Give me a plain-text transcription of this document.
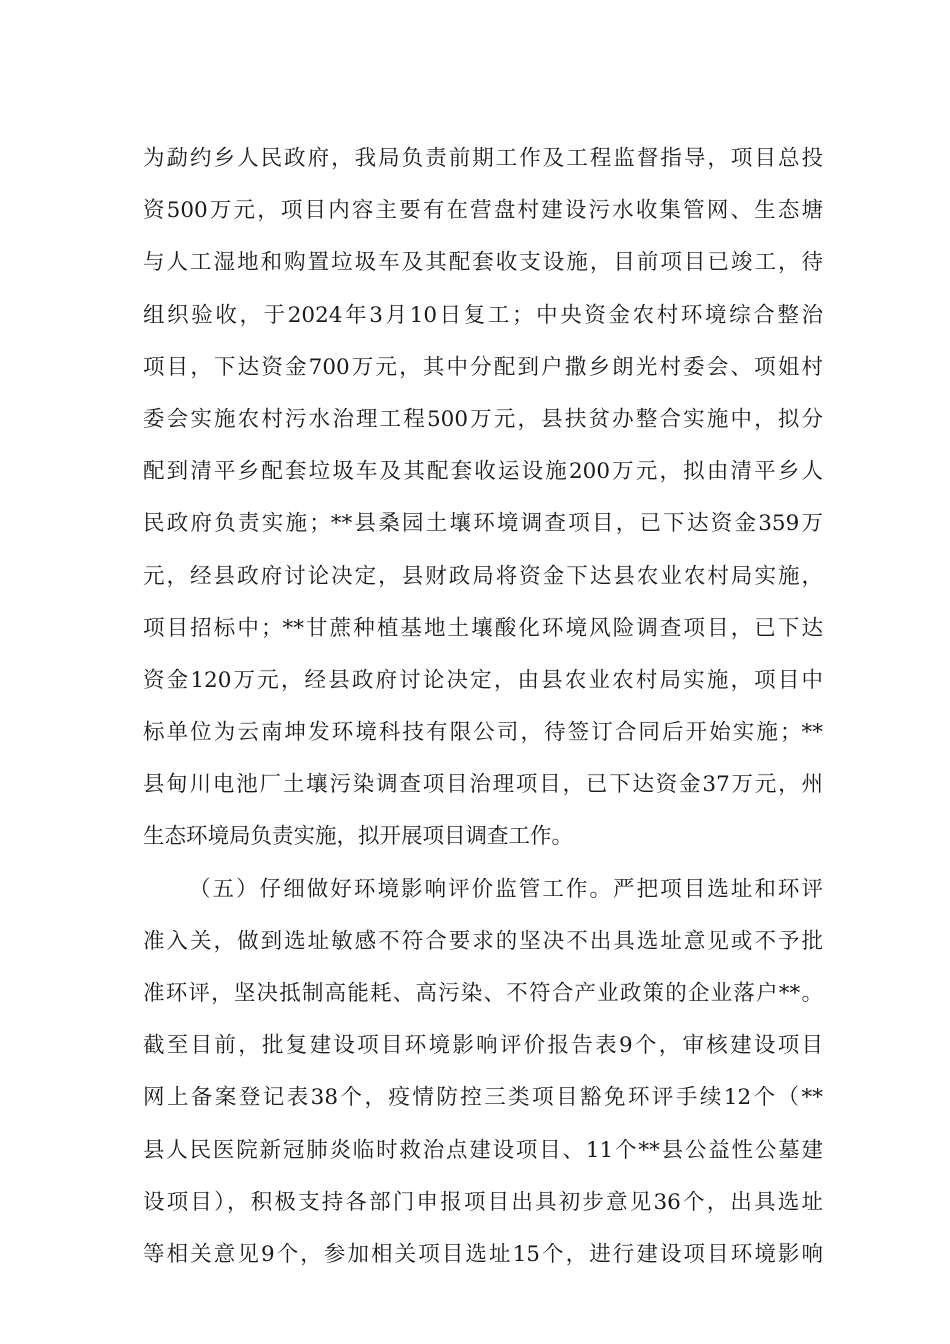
为勐约乡人民政府，我局负责前期工作及工程监督指导，项目总投
资500万元，项目内容主要有在营盘村建设污水收集管网、生态塘
与人工湿地和购置垃圾车及其配套收支设施，目前项目已竣工，待
组织验收，于2024年3月10日复工；中央资金农村环境综合整治
项目，下达资金700万元，其中分配到户撒乡朗光村委会、项姐村
委会实施农村污水治理工程500万元，县扶贫办整合实施中，拟分
配到清平乡配套垃圾车及其配套收运设施200万元，拟由清平乡人
民政府负责实施；**县桑园土壤环境调查项目，已下达资金359万
元，经县政府讨论决定，县财政局将资金下达县农业农村局实施，
项目招标中；**甘蔗种植基地土壤酸化环境风险调查项目，已下达
资金120万元，经县政府讨论决定，由县农业农村局实施，项目中
标单位为云南坤发环境科技有限公司，待签订合同后开始实施；**
县甸川电池厂土壤污染调查项目治理项目，已下达资金37万元，州
生态环境局负责实施，拟开展项目调查工作。
（五）仔细做好环境影响评价监管工作。严把项目选址和环评
准入关，做到选址敏感不符合要求的坚决不出具选址意见或不予批
准环评，坚决抵制高能耗、高污染、不符合产业政策的企业落户**。
截至目前，批复建设项目环境影响评价报告表9个，审核建设项目
网上备案登记表38个，疫情防控三类项目豁免环评手续12个（**
县人民医院新冠肺炎临时救治点建设项目、11个**县公益性公墓建
设项目），积极支持各部门申报项目出具初步意见36个，出具选址
等相关意见9个，参加相关项目选址15个，进行建设项目环境影响
